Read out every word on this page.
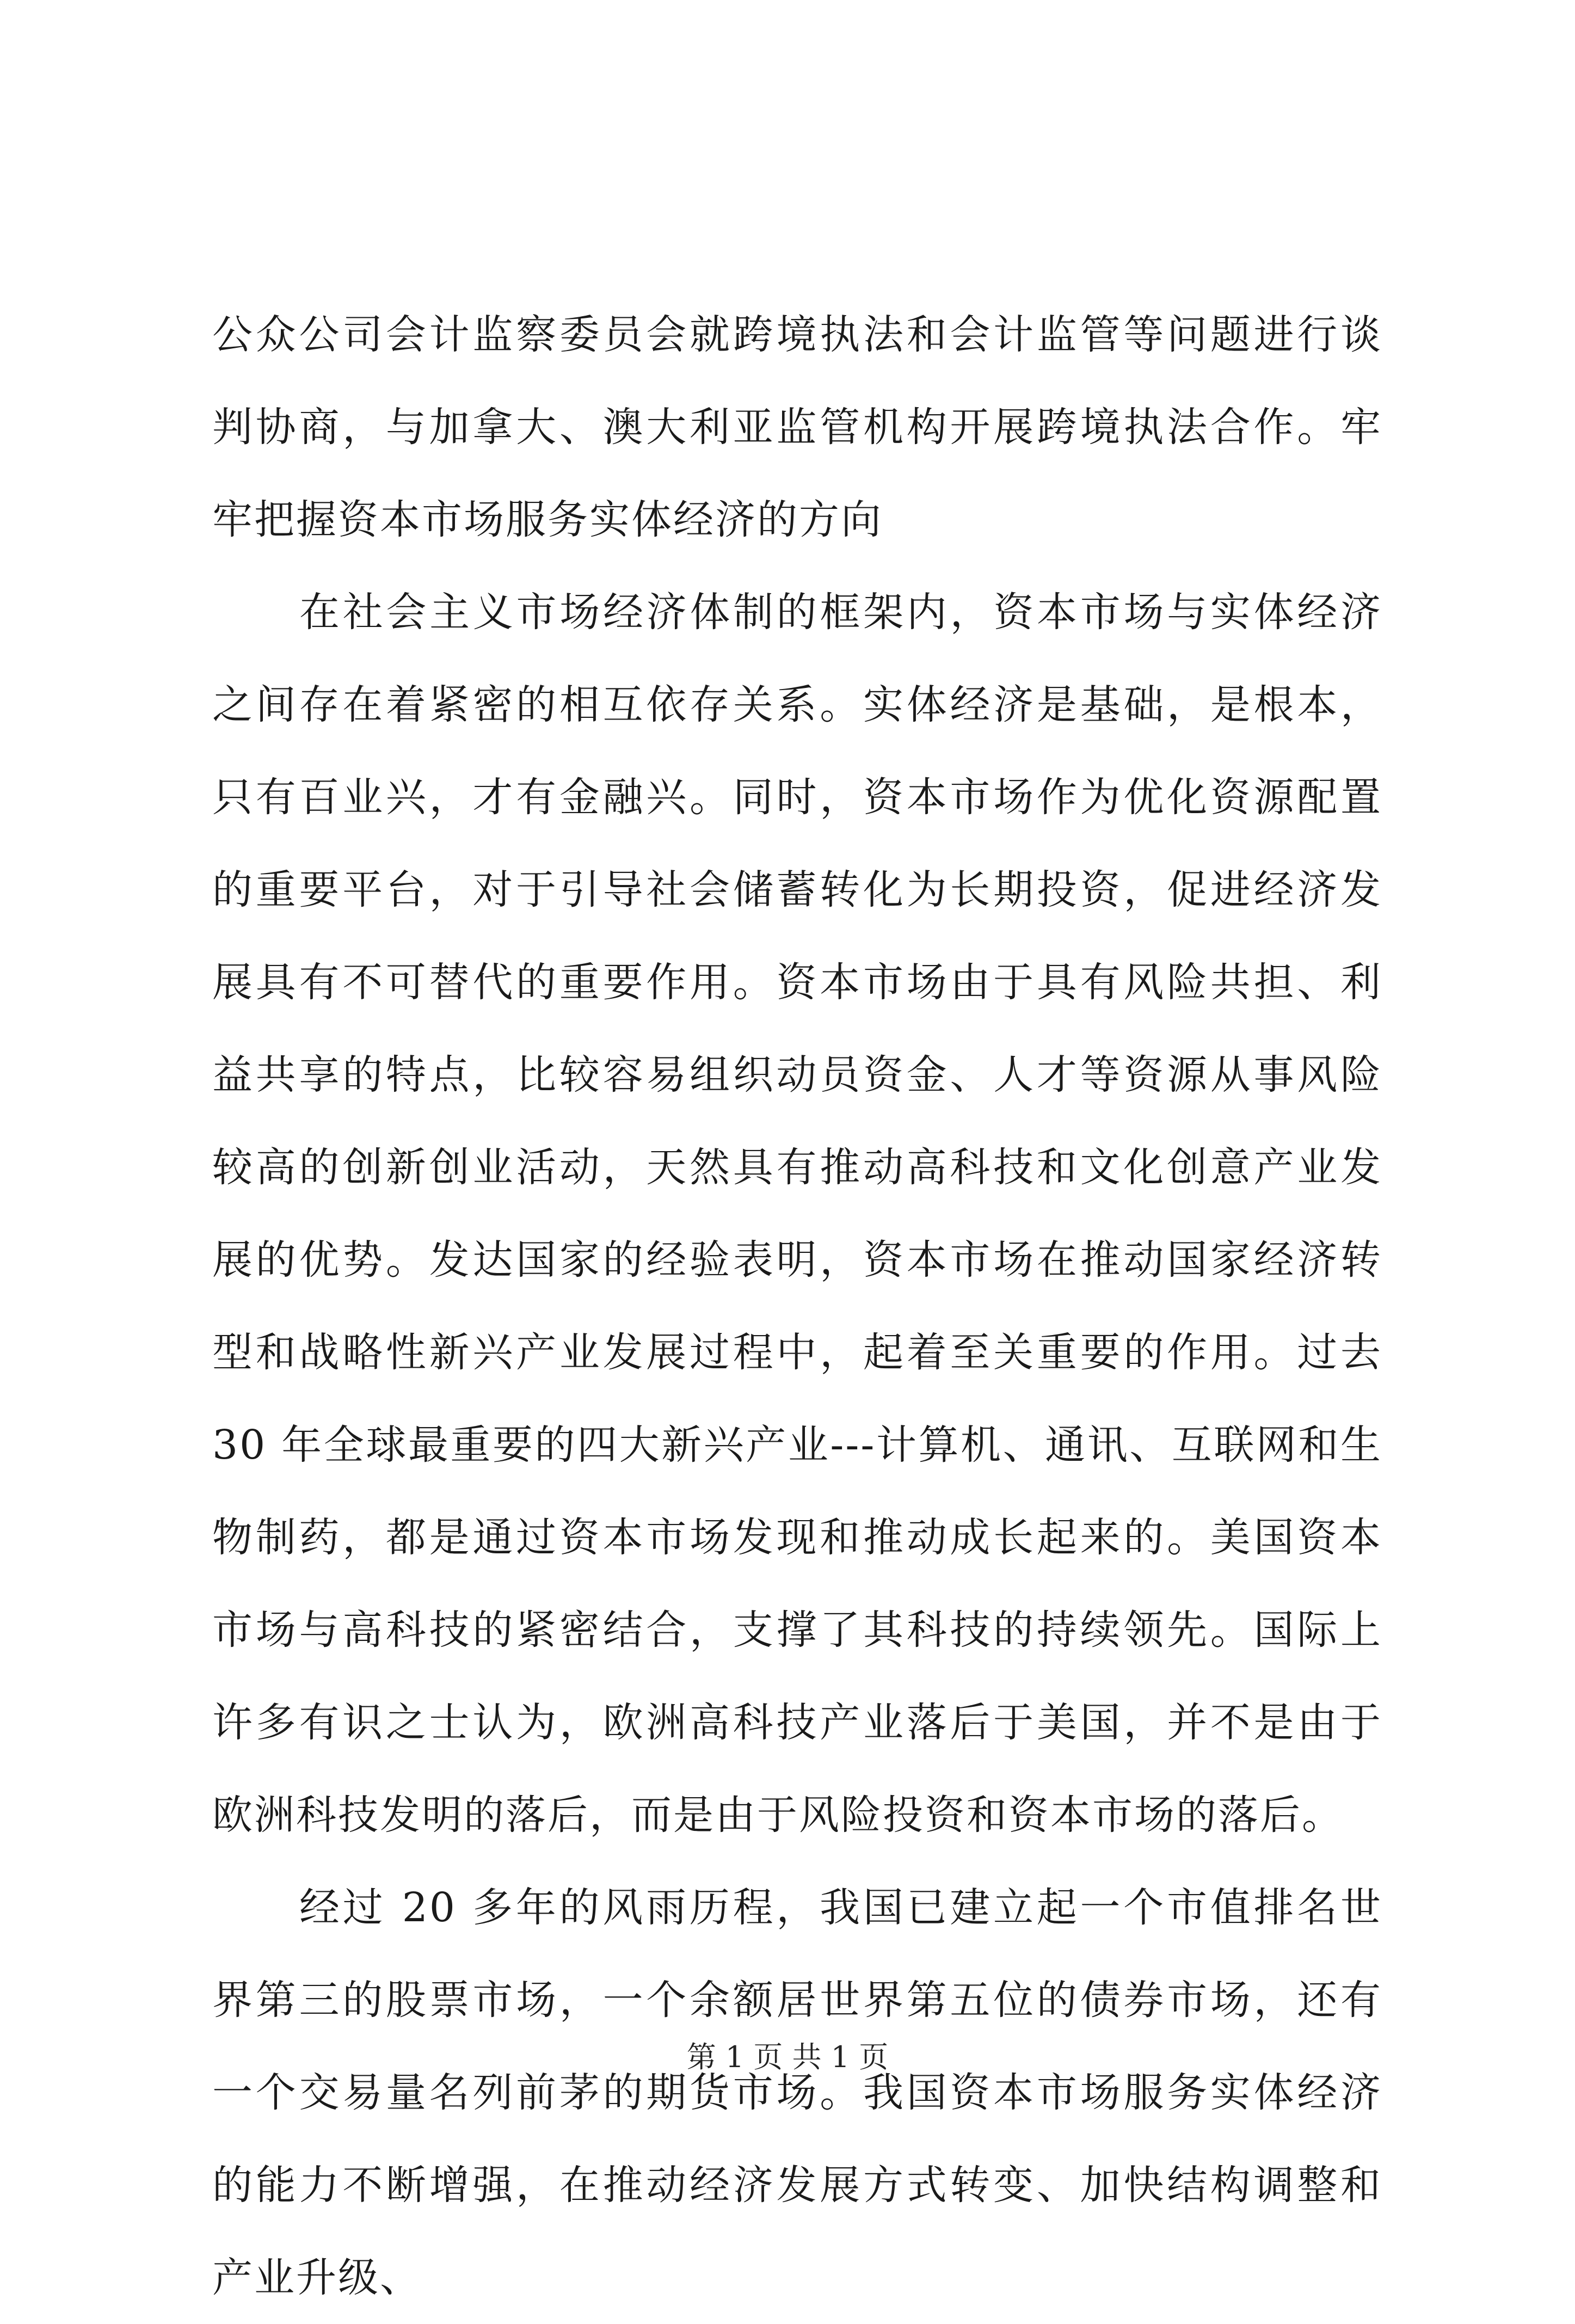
公众公司会计监察委员会就跨境执法和会计监管等问题进行谈判协商，与加拿大、澳大利亚监管机构开展跨境执法合作。牢牢把握资本市场服务实体经济的方向

在社会主义市场经济体制的框架内，资本市场与实体经济之间存在着紧密的相互依存关系。实体经济是基础，是根本，只有百业兴，才有金融兴。同时，资本市场作为优化资源配置的重要平台，对于引导社会储蓄转化为长期投资，促进经济发展具有不可替代的重要作用。资本市场由于具有风险共担、利益共享的特点，比较容易组织动员资金、人才等资源从事风险较高的创新创业活动，天然具有推动高科技和文化创意产业发展的优势。发达国家的经验表明，资本市场在推动国家经济转型和战略性新兴产业发展过程中，起着至关重要的作用。过去 30 年全球最重要的四大新兴产业---计算机、通讯、互联网和生物制药，都是通过资本市场发现和推动成长起来的。美国资本市场与高科技的紧密结合，支撑了其科技的持续领先。国际上许多有识之士认为，欧洲高科技产业落后于美国，并不是由于欧洲科技发明的落后，而是由于风险投资和资本市场的落后。

经过 20 多年的风雨历程，我国已建立起一个市值排名世界第三的股票市场，一个余额居世界第五位的债券市场，还有一个交易量名列前茅的期货市场。我国资本市场服务实体经济的能力不断增强，在推动经济发展方式转变、加快结构调整和产业升级、

第 1 页 共 1 页
